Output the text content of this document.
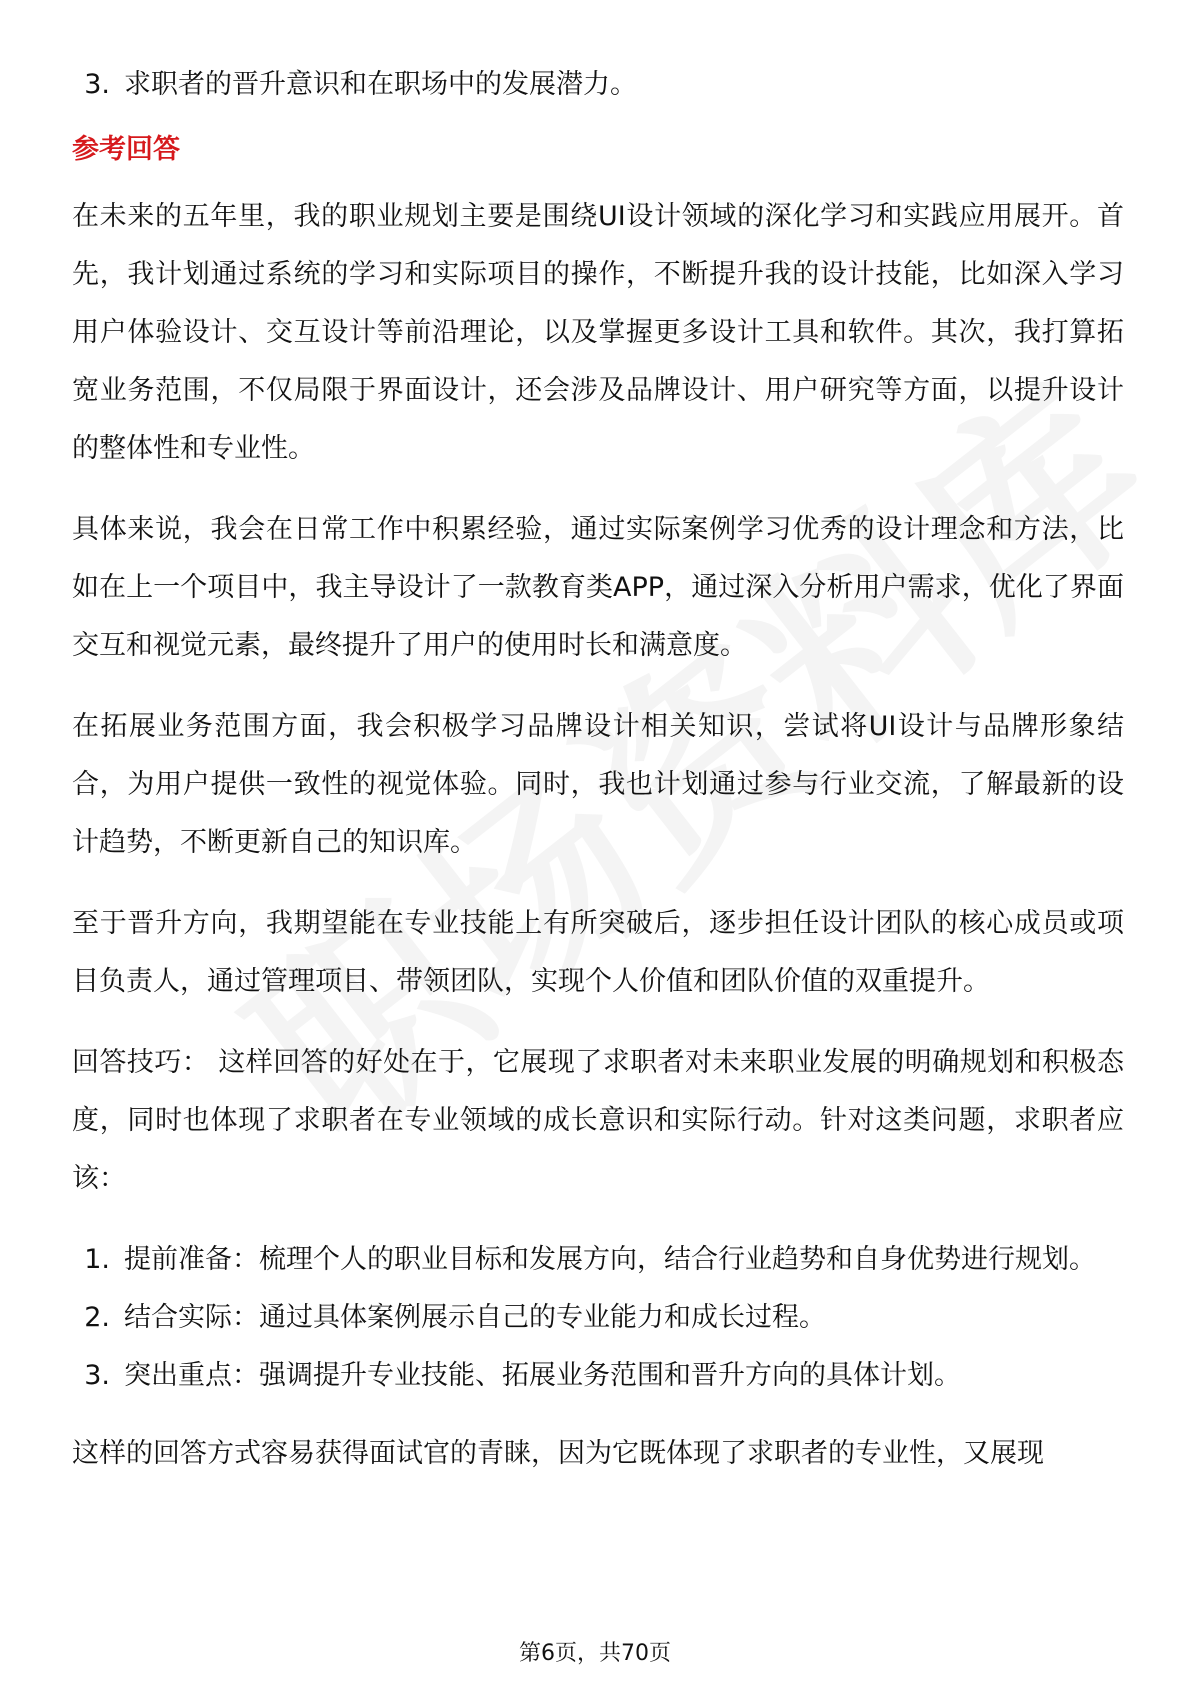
3. 求职者的晋升意识和在职场中的发展潜力。
参考回答

在未来的五年里，我的职业规划主要是围绕UI设计领域的深化学习和实践应用展开。首先，我计划通过系统的学习和实际项目的操作，不断提升我的设计技能，比如深入学习用户体验设计、交互设计等前沿理论，以及掌握更多设计工具和软件。其次，我打算拓宽业务范围，不仅局限于界面设计，还会涉及品牌设计、用户研究等方面，以提升设计的整体性和专业性。

具体来说，我会在日常工作中积累经验，通过实际案例学习优秀的设计理念和方法，比如在上一个项目中，我主导设计了一款教育类APP，通过深入分析用户需求，优化了界面交互和视觉元素，最终提升了用户的使用时长和满意度。

在拓展业务范围方面，我会积极学习品牌设计相关知识，尝试将UI设计与品牌形象结合，为用户提供一致性的视觉体验。同时，我也计划通过参与行业交流，了解最新的设计趋势，不断更新自己的知识库。

至于晋升方向，我期望能在专业技能上有所突破后，逐步担任设计团队的核心成员或项目负责人，通过管理项目、带领团队，实现个人价值和团队价值的双重提升。

回答技巧： 这样回答的好处在于，它展现了求职者对未来职业发展的明确规划和积极态度，同时也体现了求职者在专业领域的成长意识和实际行动。针对这类问题，求职者应该：

1. 提前准备：梳理个人的职业目标和发展方向，结合行业趋势和自身优势进行规划。
2. 结合实际：通过具体案例展示自己的专业能力和成长过程。
3. 突出重点：强调提升专业技能、拓展业务范围和晋升方向的具体计划。

这样的回答方式容易获得面试官的青睐，因为它既体现了求职者的专业性，又展现

第6页，共70页
